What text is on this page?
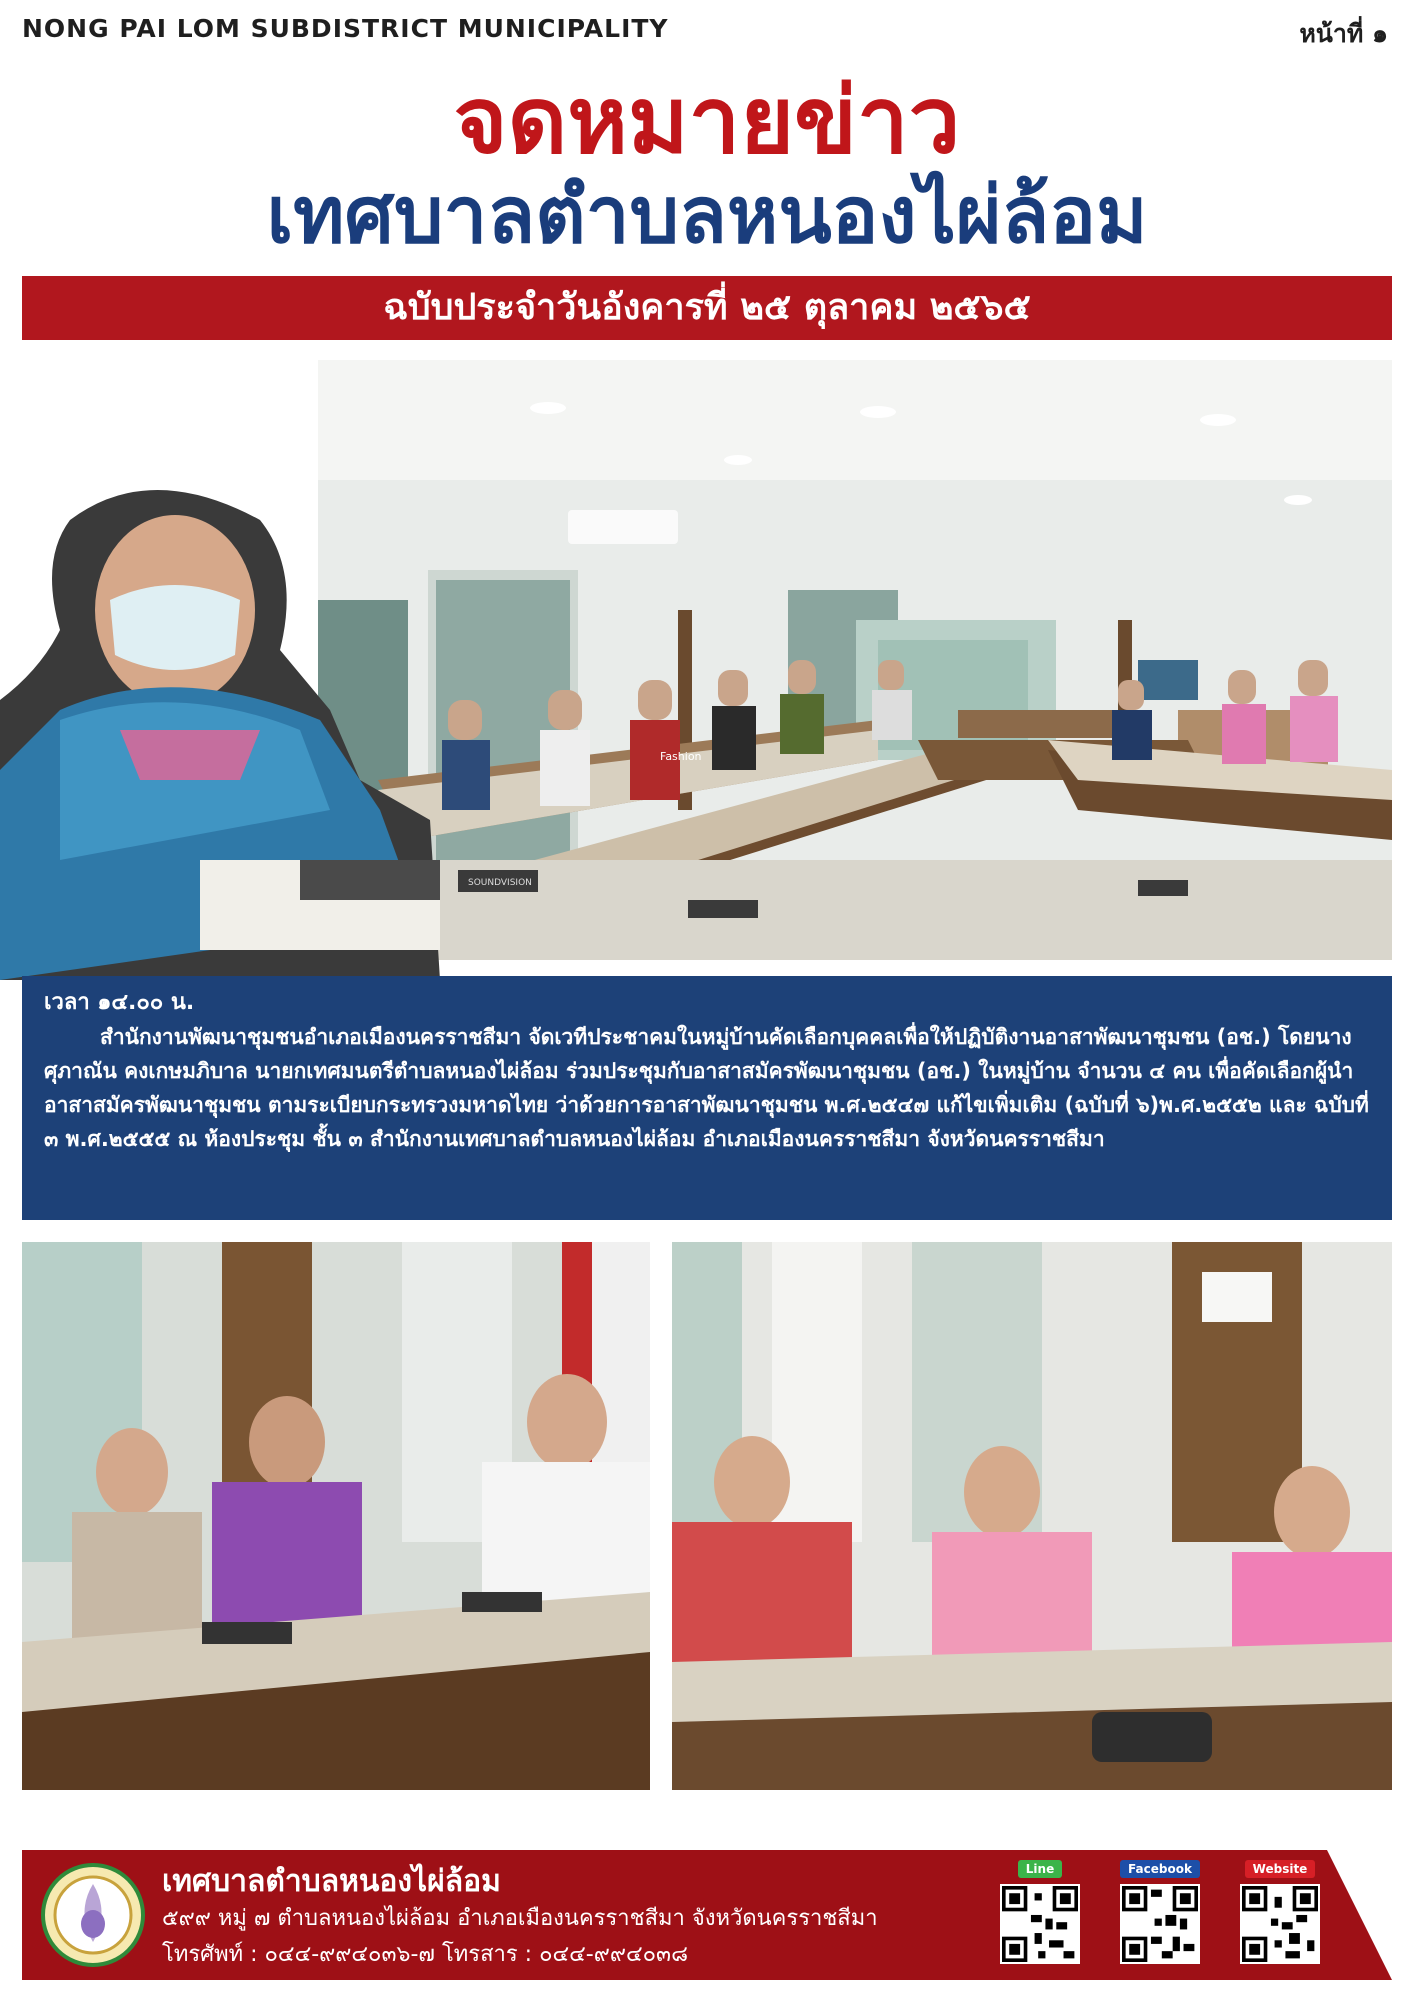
NONG PAI LOM SUBDISTRICT MUNICIPALITY	หน้าที่ ๑
จดหมายข่าว
เทศบาลตำบลหนองไผ่ล้อม
ฉบับประจำวันอังคารที่ ๒๕ ตุลาคม ๒๕๖๕
Fashion
SOUNDVISION
เวลา ๑๔.๐๐ น.

สำนักงานพัฒนาชุมชนอำเภอเมืองนครราชสีมา จัดเวทีประชาคมในหมู่บ้านคัดเลือกบุคคลเพื่อให้ปฏิบัติงานอาสาพัฒนาชุมชน (อช.) โดยนางศุภาณัน คงเกษมภิบาล นายกเทศมนตรีตำบลหนองไผ่ล้อม ร่วมประชุมกับอาสาสมัครพัฒนาชุมชน (อช.) ในหมู่บ้าน จำนวน ๔ คน เพื่อคัดเลือกผู้นำอาสาสมัครพัฒนาชุมชน ตามระเบียบกระทรวงมหาดไทย ว่าด้วยการอาสาพัฒนาชุมชน พ.ศ.๒๕๔๗ แก้ไขเพิ่มเติม (ฉบับที่ ๖)พ.ศ.๒๕๕๒ และ ฉบับที่ ๓ พ.ศ.๒๕๕๕ ณ ห้องประชุม ชั้น ๓ สำนักงานเทศบาลตำบลหนองไผ่ล้อม อำเภอเมืองนครราชสีมา จังหวัดนครราชสีมา

เทศบาลตำบลหนองไผ่ล้อม
๕๙๙ หมู่ ๗ ตำบลหนองไผ่ล้อม อำเภอเมืองนครราชสีมา จังหวัดนครราชสีมา
โทรศัพท์ : ๐๔๔-๙๙๔๐๓๖-๗ โทรสาร : ๐๔๔-๙๙๔๐๓๘
Line	Facebook	Website
